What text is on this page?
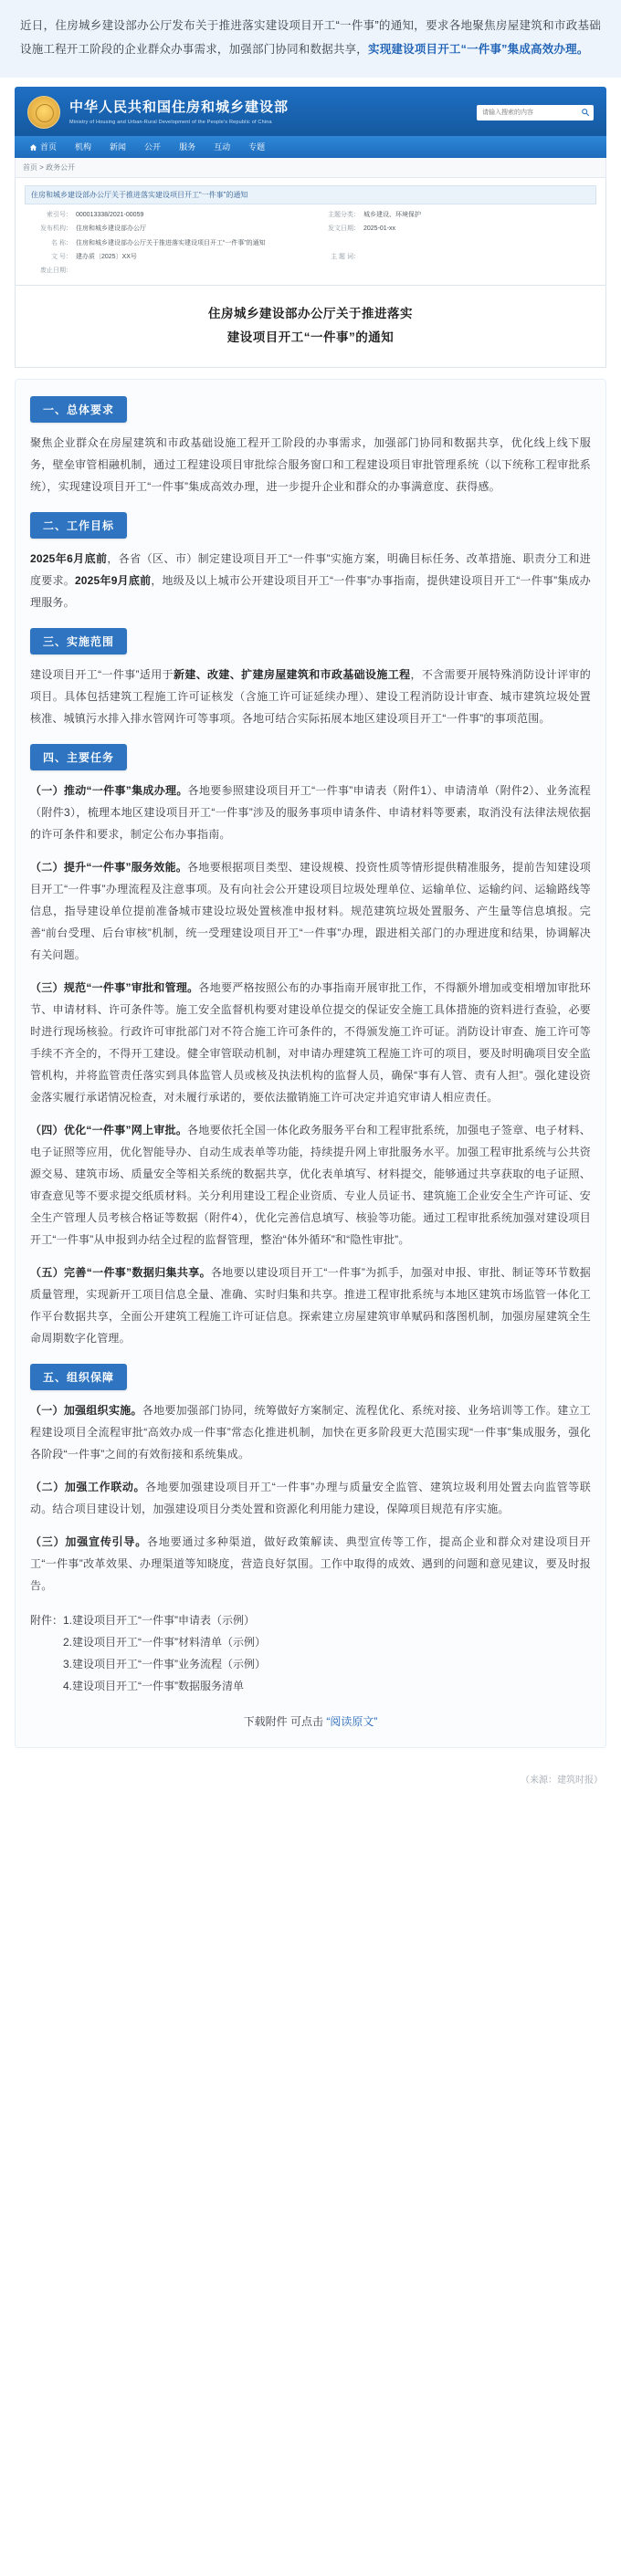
近日，住房城乡建设部办公厅发布关于推进落实建设项目开工“一件事”的通知，要求各地聚焦房屋建筑和市政基础设施工程开工阶段的企业群众办事需求，加强部门协同和数据共享，实现建设项目开工“一件事”集成高效办理。
中华人民共和国住房和城乡建设部
Ministry of Housing and Urban-Rural Development of the People's Republic of China
请输入搜索的内容
首页 机构 新闻 公开 服务 互动 专题
首页 > 政务公开
住房和城乡建设部办公厅关于推进落实建设项目开工“一件事”的通知
索引号： 000013338/2021-00059	主题分类： 城乡建设、环境保护
发布机构： 住房和城乡建设部办公厅	发文日期： 2025-01-xx
名 称： 住房和城乡建设部办公厅关于推进落实建设项目开工“一件事”的通知
文 号： 建办质〔2025〕XX号	主 题 词：
废止日期：
住房城乡建设部办公厅关于推进落实
建设项目开工“一件事”的通知
一、总体要求

聚焦企业群众在房屋建筑和市政基础设施工程开工阶段的办事需求，加强部门协同和数据共享，优化线上线下服务，壁垒审管相融机制，通过工程建设项目审批综合服务窗口和工程建设项目审批管理系统（以下统称工程审批系统），实现建设项目开工“一件事”集成高效办理，进一步提升企业和群众的办事满意度、获得感。

二、工作目标

2025年6月底前，各省（区、市）制定建设项目开工“一件事”实施方案，明确目标任务、改革措施、职责分工和进度要求。2025年9月底前，地级及以上城市公开建设项目开工“一件事”办事指南，提供建设项目开工“一件事”集成办理服务。

三、实施范围

建设项目开工“一件事”适用于新建、改建、扩建房屋建筑和市政基础设施工程，不含需要开展特殊消防设计评审的项目。具体包括建筑工程施工许可证核发（含施工许可证延续办理）、建设工程消防设计审查、城市建筑垃圾处置核准、城镇污水排入排水管网许可等事项。各地可结合实际拓展本地区建设项目开工“一件事”的事项范围。

四、主要任务

（一）推动“一件事”集成办理。各地要参照建设项目开工“一件事”申请表（附件1）、申请清单（附件2）、业务流程（附件3），梳理本地区建设项目开工“一件事”涉及的服务事项申请条件、申请材料等要素，取消没有法律法规依据的许可条件和要求，制定公布办事指南。

（二）提升“一件事”服务效能。各地要根据项目类型、建设规模、投资性质等情形提供精准服务，提前告知建设项目开工“一件事”办理流程及注意事项。及有向社会公开建设项目垃圾处理单位、运输单位、运输约问、运输路线等信息，指导建设单位提前准备城市建设垃圾处置核准申报材料。规范建筑垃圾处置服务、产生量等信息填报。完善“前台受理、后台审核”机制，统一受理建设项目开工“一件事”办理，跟进相关部门的办理进度和结果，协调解决有关问题。

（三）规范“一件事”审批和管理。各地要严格按照公布的办事指南开展审批工作，不得额外增加或变相增加审批环节、申请材料、许可条件等。施工安全监督机构要对建设单位提交的保证安全施工具体措施的资料进行查验，必要时进行现场核验。行政许可审批部门对不符合施工许可条件的，不得颁发施工许可证。消防设计审查、施工许可等手续不齐全的，不得开工建设。健全审管联动机制，对申请办理建筑工程施工许可的项目，要及时明确项目安全监管机构，并将监管责任落实到具体监管人员或核及执法机构的监督人员，确保“事有人管、责有人担”。强化建设资金落实履行承诺情况检查，对未履行承诺的，要依法撤销施工许可决定并追究审请人相应责任。

（四）优化“一件事”网上审批。各地要依托全国一体化政务服务平台和工程审批系统，加强电子签章、电子材料、电子证照等应用，优化智能导办、自动生成表单等功能，持续提升网上审批服务水平。加强工程审批系统与公共资源交易、建筑市场、质量安全等相关系统的数据共享，优化表单填写、材料提交，能够通过共享获取的电子证照、审查意见等不要求提交纸质材料。关分利用建设工程企业资质、专业人员证书、建筑施工企业安全生产许可证、安全生产管理人员考核合格证等数据（附件4），优化完善信息填写、核验等功能。通过工程审批系统加强对建设项目开工“一件事”从申报到办结全过程的监督管理，整治“体外循环”和“隐性审批”。

（五）完善“一件事”数据归集共享。各地要以建设项目开工“一件事”为抓手，加强对申报、审批、制证等环节数据质量管理，实现新开工项目信息全量、准确、实时归集和共享。推进工程审批系统与本地区建筑市场监管一体化工作平台数据共享，全面公开建筑工程施工许可证信息。探索建立房屋建筑审单赋码和落图机制，加强房屋建筑全生命周期数字化管理。

五、组织保障

（一）加强组织实施。各地要加强部门协同，统筹做好方案制定、流程优化、系统对接、业务培训等工作。建立工程建设项目全流程审批“高效办成一件事”常态化推进机制，加快在更多阶段更大范围实现“一件事”集成服务，强化各阶段“一件事”之间的有效衔接和系统集成。

（二）加强工作联动。各地要加强建设项目开工“一件事”办理与质量安全监管、建筑垃圾利用处置去向监管等联动。结合项目建设计划，加强建设项目分类处置和资源化利用能力建设，保障项目规范有序实施。

（三）加强宣传引导。各地要通过多种渠道，做好政策解读、典型宣传等工作，提高企业和群众对建设项目开工“一件事”改革效果、办理渠道等知晓度，营造良好氛围。工作中取得的成效、遇到的问题和意见建议，要及时报告。

附件：1.建设项目开工“一件事”申请表（示例）
2.建设项目开工“一件事”材料清单（示例）
3.建设项目开工“一件事”业务流程（示例）
4.建设项目开工“一件事”数据服务清单
下载附件 可点击 “阅读原文”
（来源：建筑时报）
